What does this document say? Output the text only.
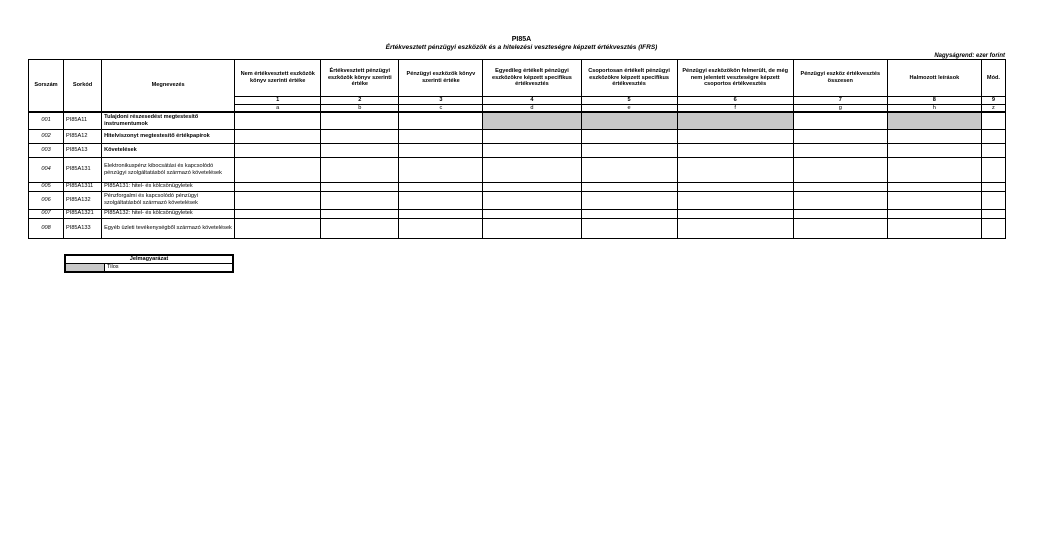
PI85A
Értékvesztett pénzügyi eszközök és a hitelezési veszteségre képzett értékvesztés (IFRS)
Nagyságrend: ezer forint
Sorszám	Sorkód	Megnevezés	Nem értékvesztett eszközök könyv szerinti értéke	Értékvesztett pénzügyi eszközök könyv szerinti értéke	Pénzügyi eszközök könyv szerinti értéke	Egyedileg értékelt pénzügyi eszközökre képzett specifikus értékvesztés	Csoportosan értékelt pénzügyi eszközökre képzett specifikus értékvesztés	Pénzügyi eszközökön felmerült, de még nem jelentett veszteségre képzett csoportos értékvesztés	Pénzügyi eszköz értékvesztés összesen	Halmozott leírások	Mód.
			1	2	3	4	5	6	7	8	9
			a	b	c	d	e	f	g	h	z
001	PI85A11	Tulajdoni részesedést megtestesítő instrumentumok									
002	PI85A12	Hitelviszonyt megtestesítő értékpapírok									
003	PI85A13	Követelések									
004	PI85A131	Elektronikuspénz kibocsátási és kapcsolódó pénzügyi szolgáltatásból származó követelések									
005	PI85A1311	PI85A131: hitel- és kölcsönügyletek									
006	PI85A132	Pénzforgalmi és kapcsolódó pénzügyi szolgáltatásból származó követelések									
007	PI85A1321	PI85A132: hitel- és kölcsönügyletek									
008	PI85A133	Egyéb üzleti tevékenységből származó követelések									
Jelmagyarázat
	Tilos
